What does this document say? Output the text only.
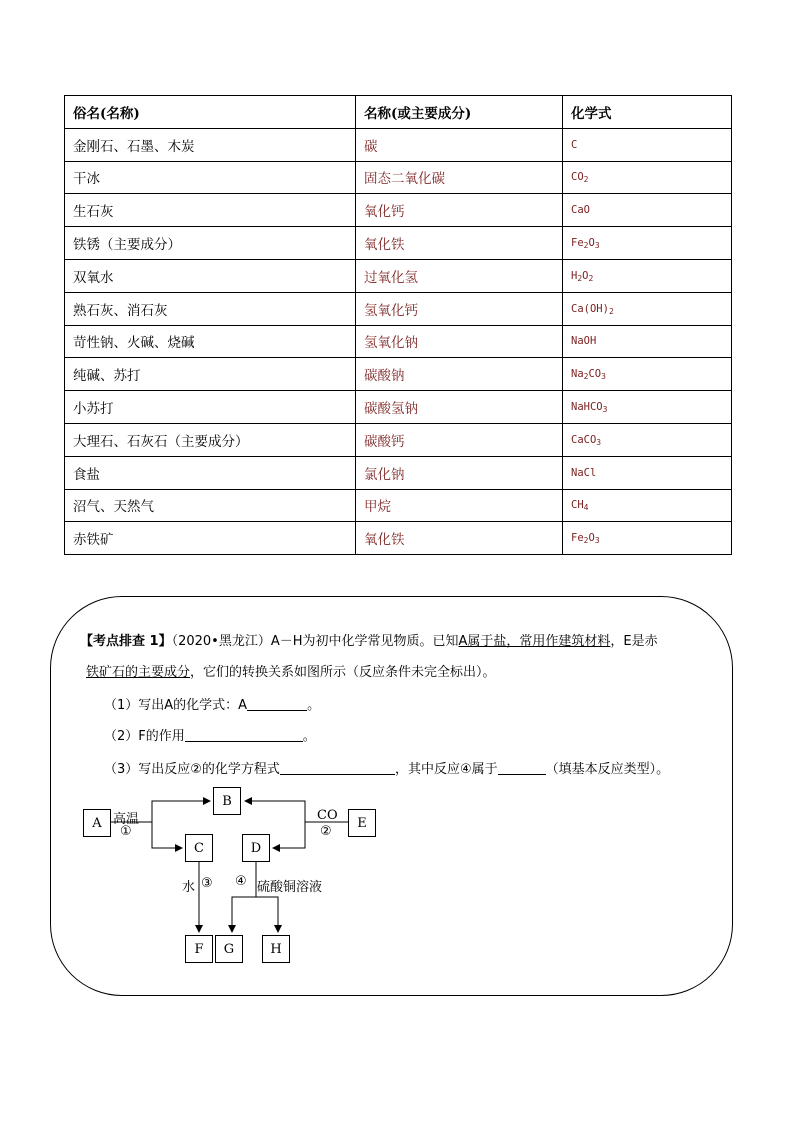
俗名(名称)	名称(或主要成分)	化学式
金刚石、石墨、木炭	碳	C
干冰	固态二氧化碳	$CO_2$
生石灰	氧化钙	CaO
铁锈（主要成分）	氧化铁	$Fe_2O_3$
双氧水	过氧化氢	$H_2O_2$
熟石灰、消石灰	氢氧化钙	$Ca(OH)_2$
苛性钠、火碱、烧碱	氢氧化钠	NaOH
纯碱、苏打	碳酸钠	$Na_2CO_3$
小苏打	碳酸氢钠	NaHCO$_3$
大理石、石灰石（主要成分）	碳酸钙	CaCO$_3$
食盐	氯化钠	NaCl
沼气、天然气	甲烷	$CH_4$
赤铁矿	氧化铁	$Fe_2O_3$
【考点排查 1】（2020•黑龙江）A－H为初中化学常见物质。已知A属于盐，常用作建筑材料，E是赤
铁矿石的主要成分，它们的转换关系如图所示（反应条件未完全标出）。
（1）写出A的化学式：A	。
（2）F的作用	。
（3）写出反应②的化学方程式	，其中反应④属于	（填基本反应类型）。
A
B
C	D
E
F	G	H
高温
①
CO
②
水 ③ ④ 硫酸铜溶液
